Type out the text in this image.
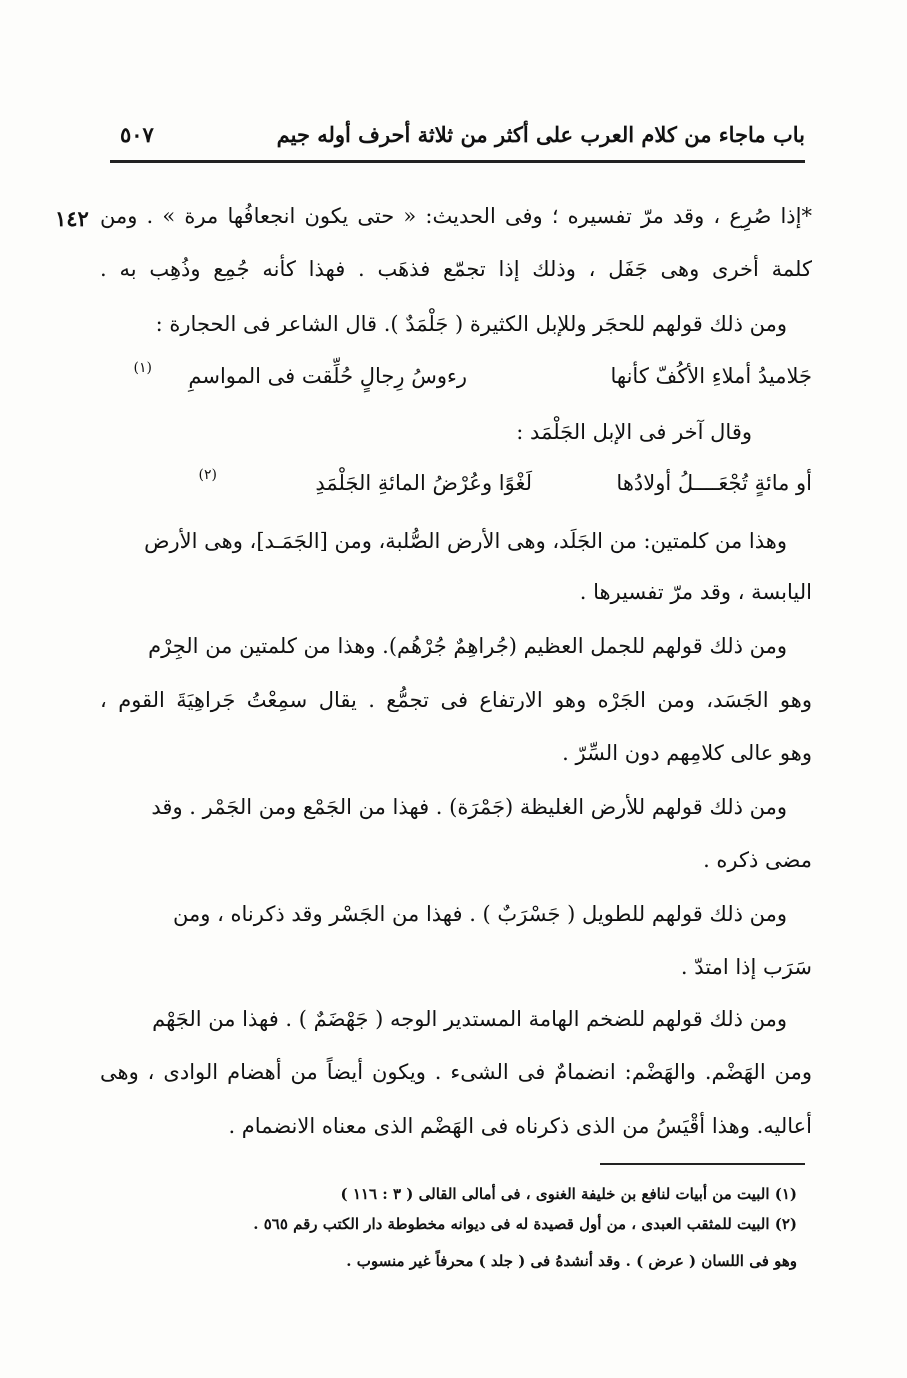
باب ماجاء من كلام العرب على أكثر من ثلاثة أحرف أوله جيم
٥٠٧
١٤٢ *إذا صُرِع ، وقد مرّ تفسيره ؛ وفى الحديث: « حتى يكون انجعافُها مرة » . ومن
كلمة أخرى وهى جَفَل ، وذلك إذا تجمّع فذهَب . فهذا كأنه جُمِع وذُهِب به .
ومن ذلك قولهم للحجَر وللإبل الكثيرة ( جَلْمَدٌ ). قال الشاعر فى الحجارة :
جَلاميدُ أملاءِ الأكُفّ كأنها
رءوسُ رِجالٍ حُلِّقت فى المواسمِ
(١)
وقال آخر فى الإبل الجَلْمَد :
أو مائةٍ تُجْعَــــلُ أولادُها
لَغْوًا وعُرْضُ المائةِ الجَلْمَدِ
(٢)
وهذا من كلمتين: من الجَلَد، وهى الأرض الصُّلبة، ومن [الجَمَـد]، وهى الأرض
اليابسة ، وقد مرّ تفسيرها .
ومن ذلك قولهم للجمل العظيم (جُراهِمٌ جُرْهُم). وهذا من كلمتين من الجِرْم
وهو الجَسَد، ومن الجَرْه وهو الارتفاع فى تجمُّع . يقال سمِعْتُ جَراهِيَةَ القوم ،
وهو عالى كلامِهم دون السِّرّ .
ومن ذلك قولهم للأرض الغليظة (جَمْرَة) . فهذا من الجَمْع ومن الجَمْر . وقد
مضى ذكره .
ومن ذلك قولهم للطويل ( جَسْرَبٌ ) . فهذا من الجَسْر وقد ذكرناه ، ومن
سَرَب إذا امتدّ .
ومن ذلك قولهم للضخم الهامة المستدير الوجه ( جَهْضَمٌ ) . فهذا من الجَهْم
ومن الهَضْم. والهَضْم: انضمامٌ فى الشىء . ويكون أيضاً من أهضام الوادى ، وهى
أعاليه. وهذا أقْيَسُ من الذى ذكرناه فى الهَضْم الذى معناه الانضمام .
(١) البيت من أبيات لنافع بن خليفة الغنوى ، فى أمالى القالى ( ٣ : ١١٦ )
(٢) البيت للمثقب العبدى ، من أول قصيدة له فى ديوانه مخطوطة دار الكتب رقم ٥٦٥ .
وهو فى اللسان ( عرض ) . وقد أنشدهُ فى ( جلد ) محرفاً غير منسوب .
